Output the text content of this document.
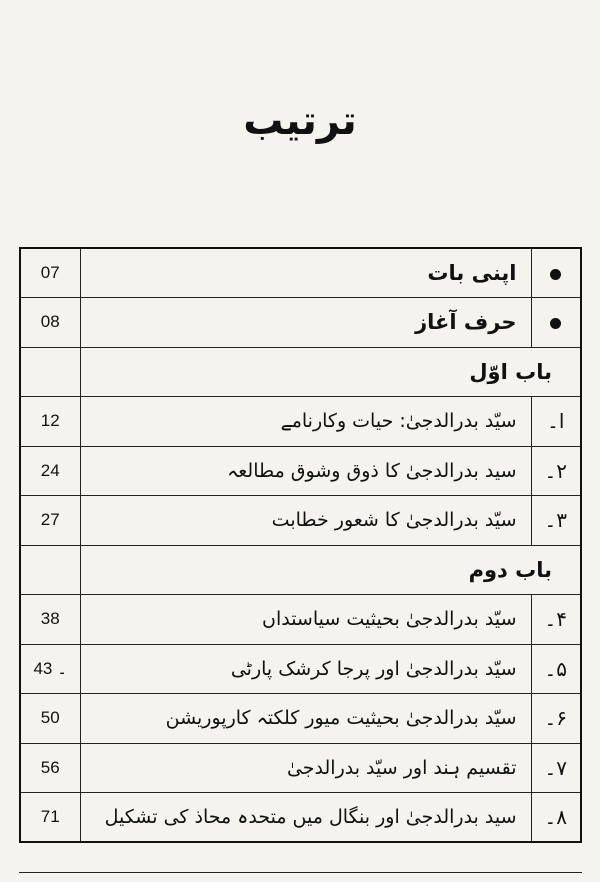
ترتیب
	اپنی بات	07
	حرف آغاز	08
باب اوّل		
ا۔	سیّد بدرالدجیٰ: حیات وکارنامے	12
۲۔	سید بدرالدجیٰ کا ذوق وشوق مطالعہ	24
۳۔	سیّد بدرالدجیٰ کا شعور خطابت	27
باب دوم		
۴۔	سیّد بدرالدجیٰ بحیثیت سیاستداں	38
۵۔	سیّد بدرالدجیٰ اور پرجا کرشک پارٹی	43 ۔
۶۔	سیّد بدرالدجیٰ بحیثیت میور کلکتہ کارپوریشن	50
۷۔	تقسیم ہند اور سیّد بدرالدجیٰ	56
۸۔	سید بدرالدجیٰ اور بنگال میں متحدہ محاذ کی تشکیل	71
